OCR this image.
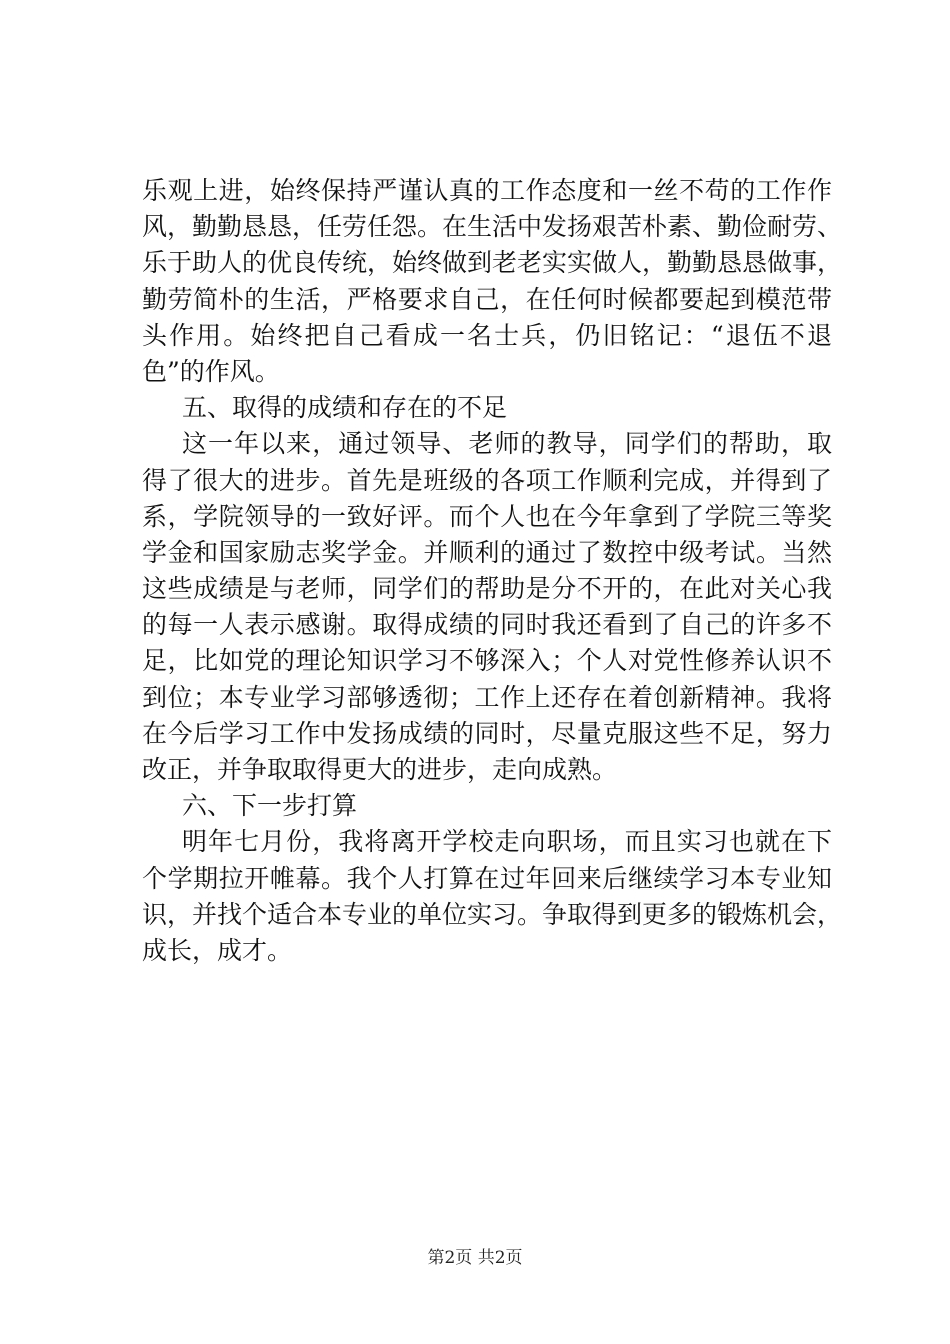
乐观上进，始终保持严谨认真的工作态度和一丝不苟的工作作
风，勤勤恳恳，任劳任怨。在生活中发扬艰苦朴素、勤俭耐劳、
乐于助人的优良传统，始终做到老老实实做人，勤勤恳恳做事，
勤劳简朴的生活，严格要求自己，在任何时候都要起到模范带
头作用。始终把自己看成一名士兵，仍旧铭记：“退伍不退
色”的作风。
五、取得的成绩和存在的不足
这一年以来，通过领导、老师的教导，同学们的帮助，取
得了很大的进步。首先是班级的各项工作顺利完成，并得到了
系，学院领导的一致好评。而个人也在今年拿到了学院三等奖
学金和国家励志奖学金。并顺利的通过了数控中级考试。当然
这些成绩是与老师，同学们的帮助是分不开的，在此对关心我
的每一人表示感谢。取得成绩的同时我还看到了自己的许多不
足，比如党的理论知识学习不够深入；个人对党性修养认识不
到位；本专业学习部够透彻；工作上还存在着创新精神。我将
在今后学习工作中发扬成绩的同时，尽量克服这些不足，努力
改正，并争取取得更大的进步，走向成熟。
六、下一步打算
明年七月份，我将离开学校走向职场，而且实习也就在下
个学期拉开帷幕。我个人打算在过年回来后继续学习本专业知
识，并找个适合本专业的单位实习。争取得到更多的锻炼机会，
成长，成才。
第2页 共2页
